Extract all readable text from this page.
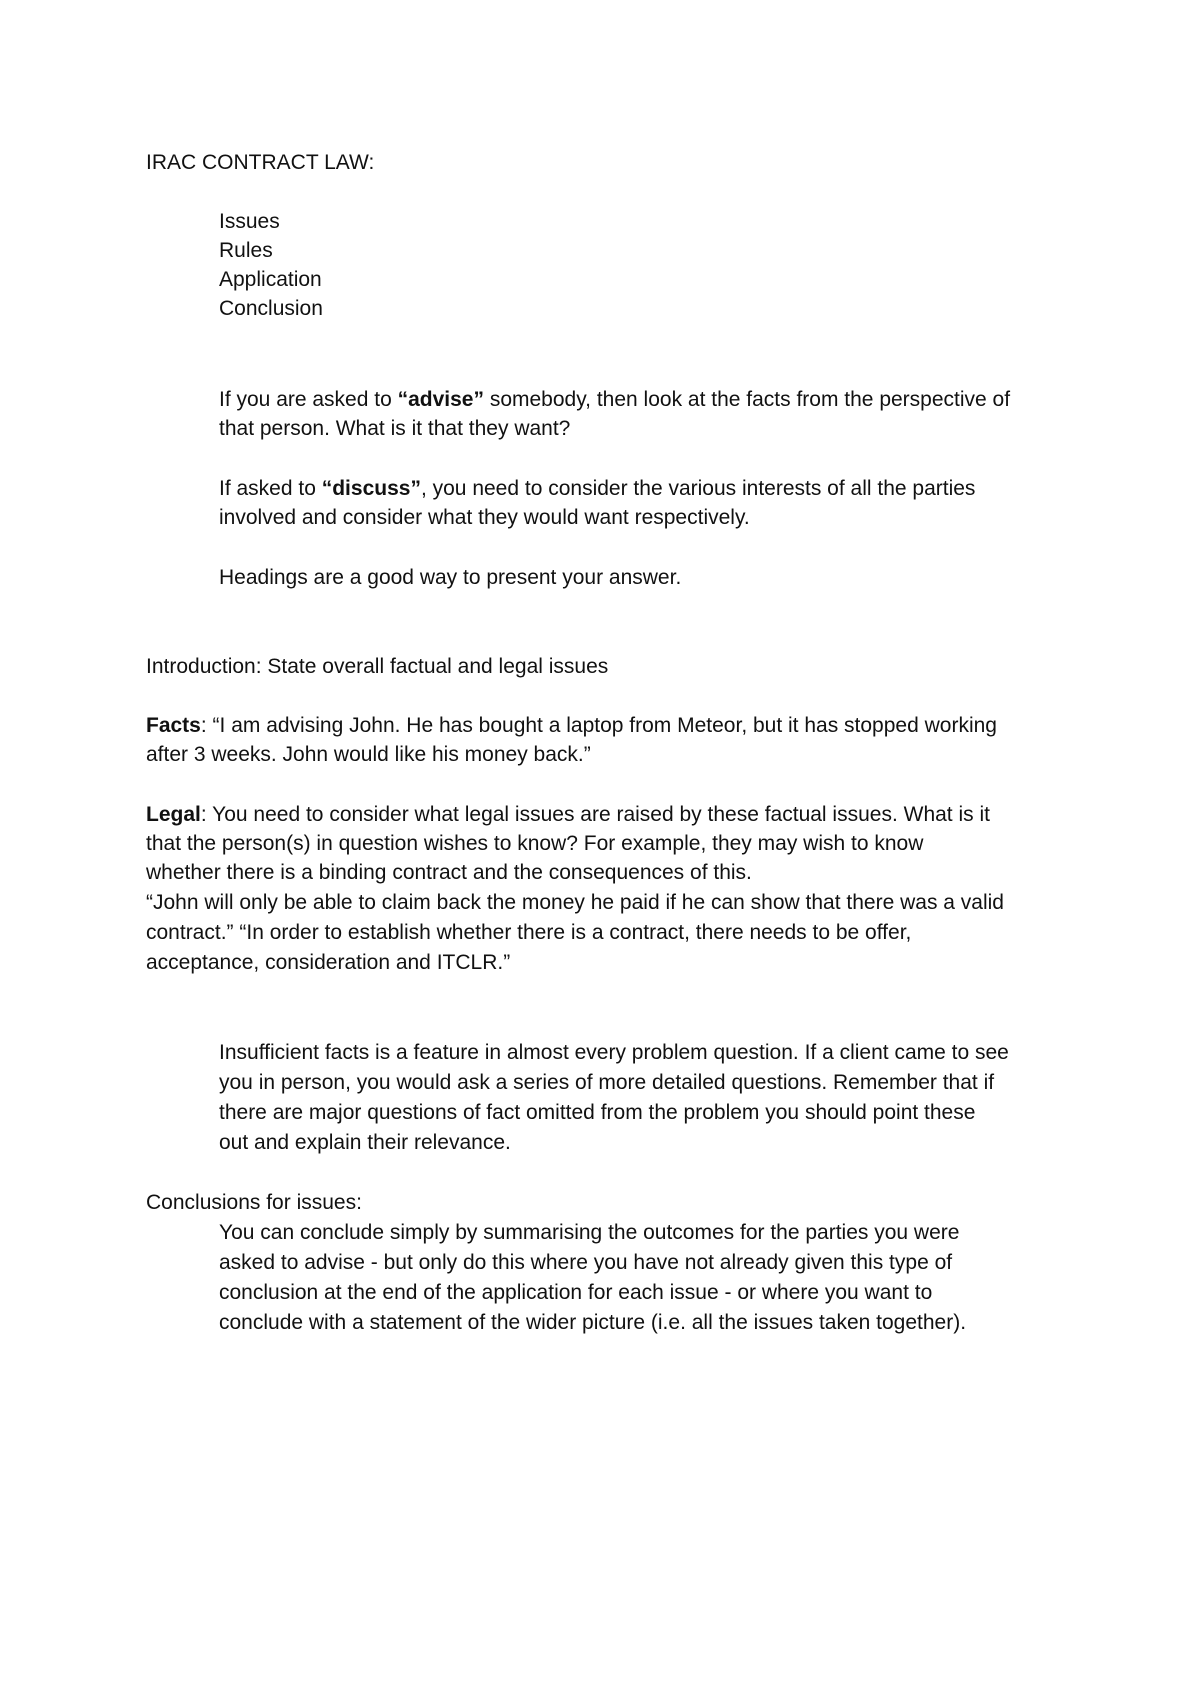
IRAC CONTRACT LAW:
Issues
Rules
Application
Conclusion
If you are asked to “advise” somebody, then look at the facts from the perspective of
that person. What is it that they want?
If asked to “discuss”, you need to consider the various interests of all the parties
involved and consider what they would want respectively.
Headings are a good way to present your answer.
Introduction: State overall factual and legal issues
Facts: “I am advising John. He has bought a laptop from Meteor, but it has stopped working
after 3 weeks. John would like his money back.”
Legal: You need to consider what legal issues are raised by these factual issues. What is it
that the person(s) in question wishes to know? For example, they may wish to know
whether there is a binding contract and the consequences of this.
“John will only be able to claim back the money he paid if he can show that there was a valid
contract.” “In order to establish whether there is a contract, there needs to be offer,
acceptance, consideration and ITCLR.”
Insufficient facts is a feature in almost every problem question. If a client came to see
you in person, you would ask a series of more detailed questions. Remember that if
there are major questions of fact omitted from the problem you should point these
out and explain their relevance.
Conclusions for issues:
You can conclude simply by summarising the outcomes for the parties you were
asked to advise - but only do this where you have not already given this type of
conclusion at the end of the application for each issue - or where you want to
conclude with a statement of the wider picture (i.e. all the issues taken together).
